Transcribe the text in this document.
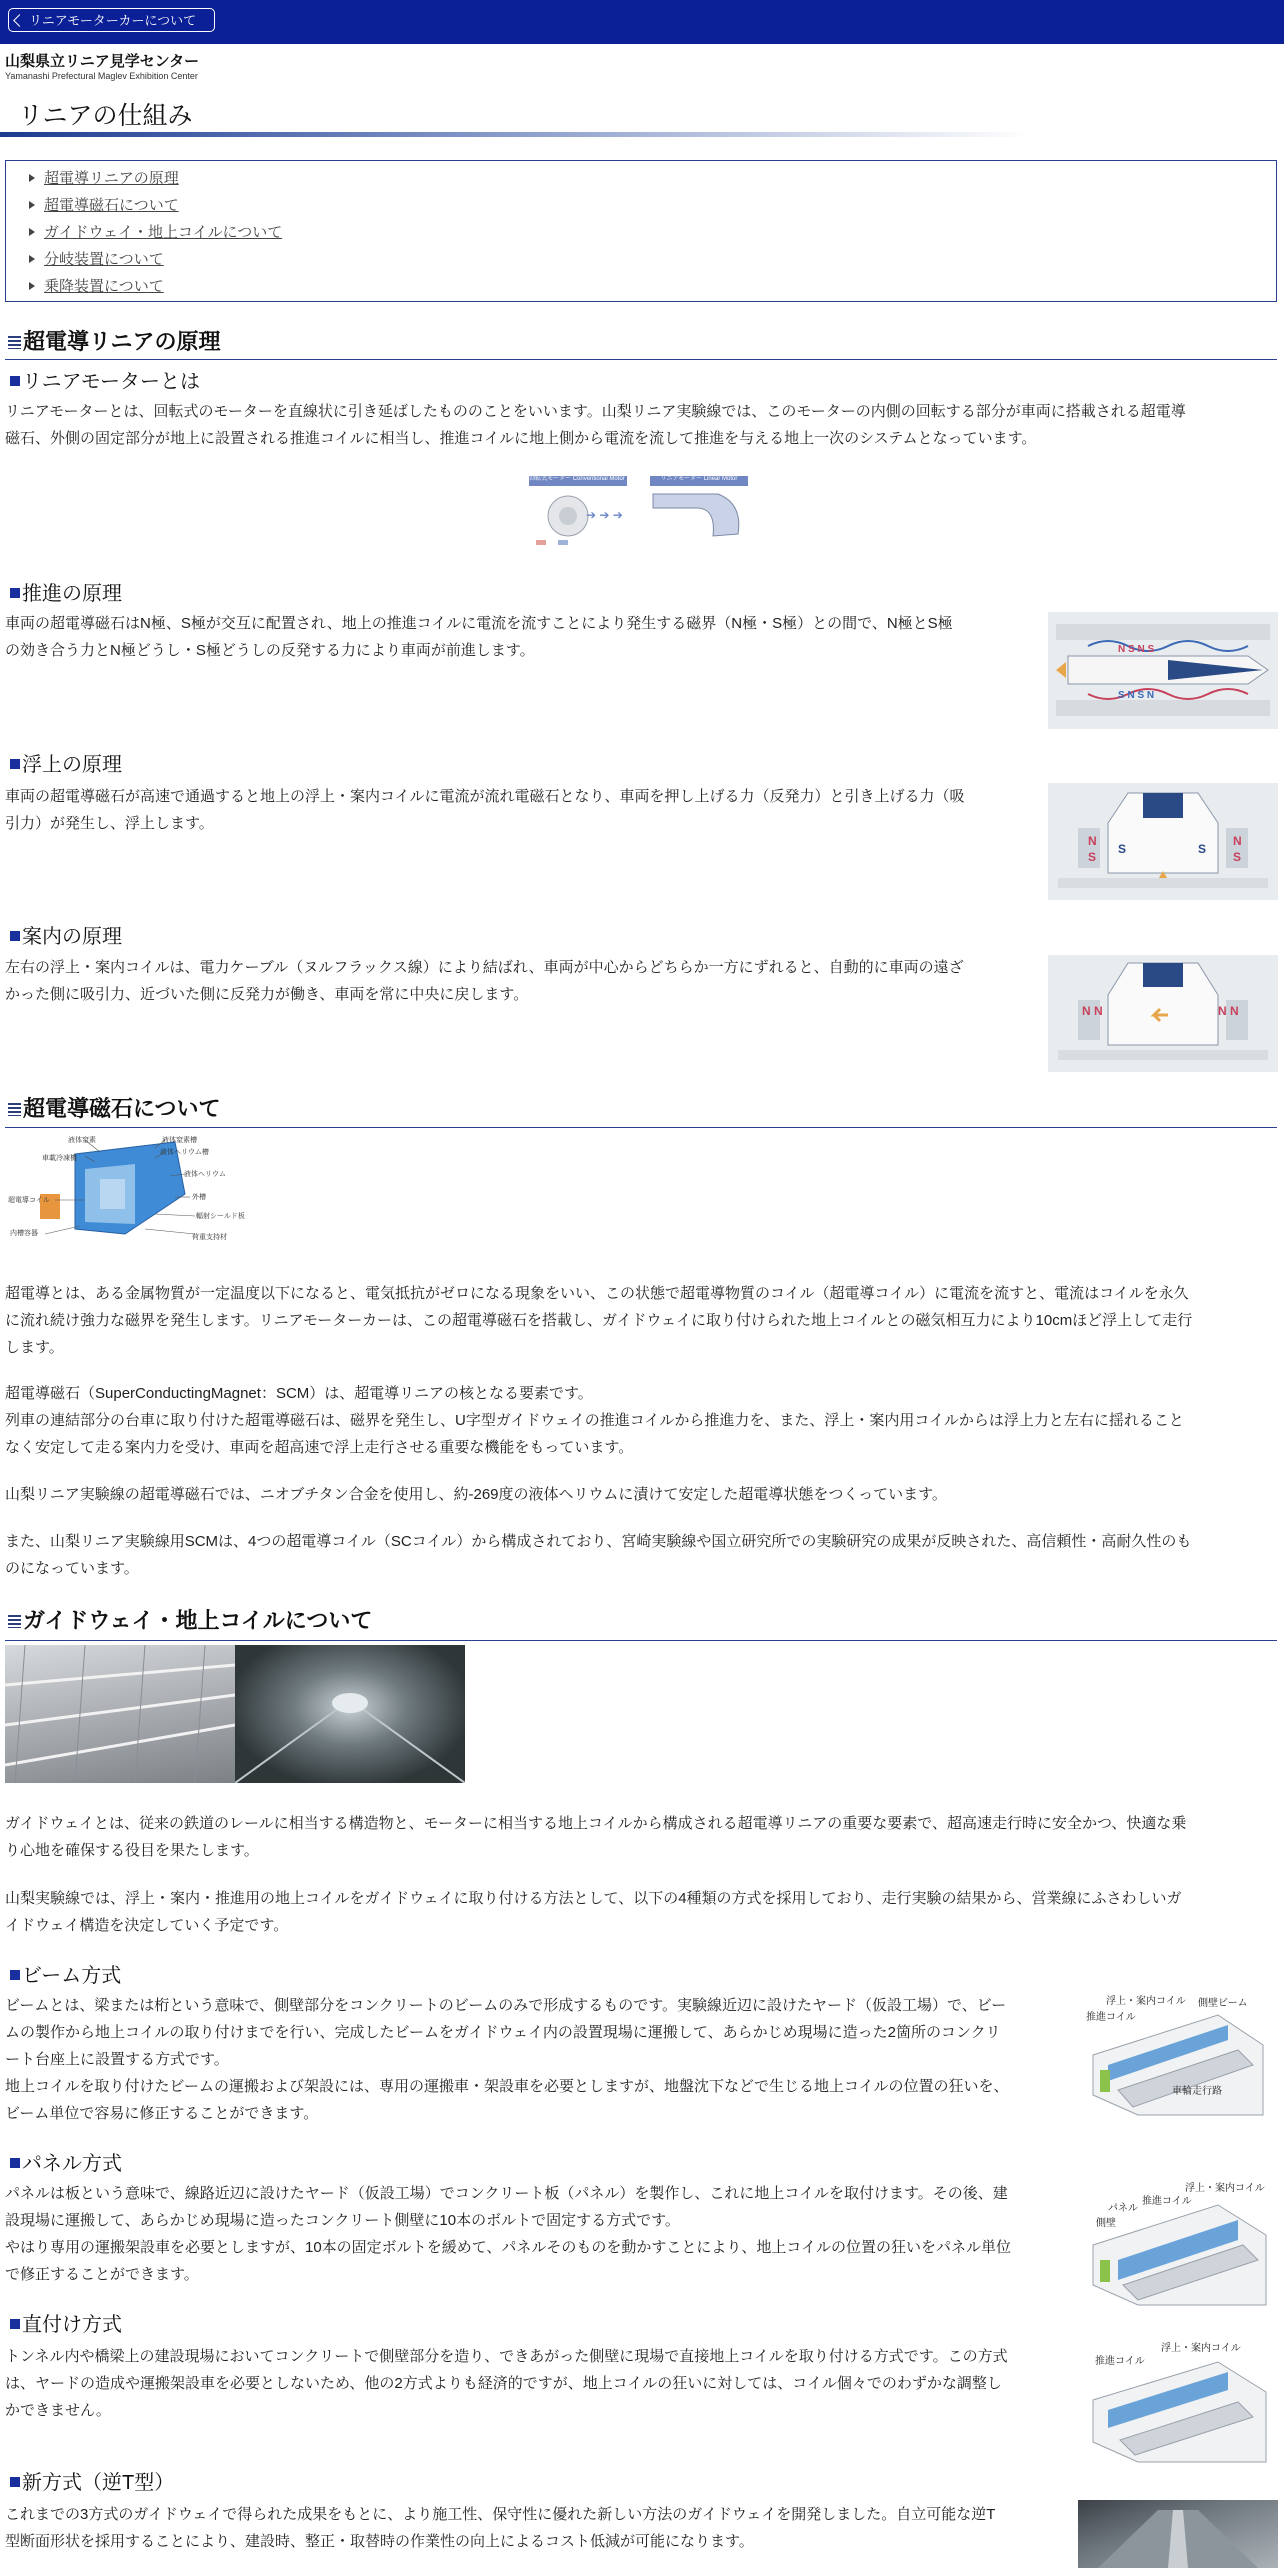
リニアモーターカーについて
山梨県立リニア見学センター
Yamanashi Prefectural Maglev Exhibition Center
リニアの仕組み
超電導リニアの原理
超電導磁石について
ガイドウェイ・地上コイルについて
分岐装置について
乗降装置について
超電導リニアの原理
リニアモーターとは
リニアモーターとは、回転式のモーターを直線状に引き延ばしたもののことをいいます。山梨リニア実験線では、このモーターの内側の回転する部分が車両に搭載される超電導
磁石、外側の固定部分が地上に設置される推進コイルに相当し、推進コイルに地上側から電流を流して推進を与える地上一次のシステムとなっています。
➔ ➔ ➔
回転式モーター Conventional Motor	リニアモーター Linear Motor
推進の原理
車両の超電導磁石はN極、S極が交互に配置され、地上の推進コイルに電流を流すことにより発生する磁界（N極・S極）との間で、N極とS極
の効き合う力とN極どうし・S極どうしの反発する力により車両が前進します。	N S N S
S N S N
浮上の原理
車両の超電導磁石が高速で通過すると地上の浮上・案内コイルに電流が流れ電磁石となり、車両を押し上げる力（反発力）と引き上げる力（吸
引力）が発生し、浮上します。
N
S
S	S
N
S
案内の原理
左右の浮上・案内コイルは、電力ケーブル（ヌルフラックス線）により結ばれ、車両が中心からどちらか一方にずれると、自動的に車両の遠ざ
かった側に吸引力、近づいた側に反発力が働き、車両を常に中央に戻します。
N N	N N
超電導磁石について
液体窒素
車載冷凍機
液体窒素槽
液体ヘリウム槽
液体ヘリウム
超電導コイル	外槽
輻射シールド板
内槽容器
荷重支持材
超電導とは、ある金属物質が一定温度以下になると、電気抵抗がゼロになる現象をいい、この状態で超電導物質のコイル（超電導コイル）に電流を流すと、電流はコイルを永久
に流れ続け強力な磁界を発生します。リニアモーターカーは、この超電導磁石を搭載し、ガイドウェイに取り付けられた地上コイルとの磁気相互力により10cmほど浮上して走行
します。
超電導磁石（SuperConductingMagnet：SCM）は、超電導リニアの核となる要素です。
列車の連結部分の台車に取り付けた超電導磁石は、磁界を発生し、U字型ガイドウェイの推進コイルから推進力を、また、浮上・案内用コイルからは浮上力と左右に揺れること
なく安定して走る案内力を受け、車両を超高速で浮上走行させる重要な機能をもっています。
山梨リニア実験線の超電導磁石では、ニオブチタン合金を使用し、約-269度の液体ヘリウムに漬けて安定した超電導状態をつくっています。
また、山梨リニア実験線用SCMは、4つの超電導コイル（SCコイル）から構成されており、宮崎実験線や国立研究所での実験研究の成果が反映された、高信頼性・高耐久性のも
のになっています。
ガイドウェイ・地上コイルについて
ガイドウェイとは、従来の鉄道のレールに相当する構造物と、モーターに相当する地上コイルから構成される超電導リニアの重要な要素で、超高速走行時に安全かつ、快適な乗
り心地を確保する役目を果たします。
山梨実験線では、浮上・案内・推進用の地上コイルをガイドウェイに取り付ける方法として、以下の4種類の方式を採用しており、走行実験の結果から、営業線にふさわしいガ
イドウェイ構造を決定していく予定です。
ビーム方式
ビームとは、梁または桁という意味で、側壁部分をコンクリートのビームのみで形成するものです。実験線近辺に設けたヤード（仮設工場）で、ビー
ムの製作から地上コイルの取り付けまでを行い、完成したビームをガイドウェイ内の設置現場に運搬して、あらかじめ現場に造った2箇所のコンクリ
ート台座上に設置する方式です。
地上コイルを取り付けたビームの運搬および架設には、専用の運搬車・架設車を必要としますが、地盤沈下などで生じる地上コイルの位置の狂いを、
ビーム単位で容易に修正することができます。
浮上・案内コイル 側壁ビーム
推進コイル
車輪走行路
パネル方式
パネルは板という意味で、線路近辺に設けたヤード（仮設工場）でコンクリート板（パネル）を製作し、これに地上コイルを取付けます。その後、建
設現場に運搬して、あらかじめ現場に造ったコンクリート側壁に10本のボルトで固定する方式です。
やはり専用の運搬架設車を必要としますが、10本の固定ボルトを緩めて、パネルそのものを動かすことにより、地上コイルの位置の狂いをパネル単位
で修正することができます。
推進コイル
浮上・案内コイル
パネル
側壁
直付け方式
トンネル内や橋梁上の建設現場においてコンクリートで側壁部分を造り、できあがった側壁に現場で直接地上コイルを取り付ける方式です。この方式
は、ヤードの造成や運搬架設車を必要としないため、他の2方式よりも経済的ですが、地上コイルの狂いに対しては、コイル個々でのわずかな調整し
かできません。
推進コイル
浮上・案内コイル
新方式（逆T型）
これまでの3方式のガイドウェイで得られた成果をもとに、より施工性、保守性に優れた新しい方法のガイドウェイを開発しました。自立可能な逆T
型断面形状を採用することにより、建設時、整正・取替時の作業性の向上によるコスト低減が可能になります。
